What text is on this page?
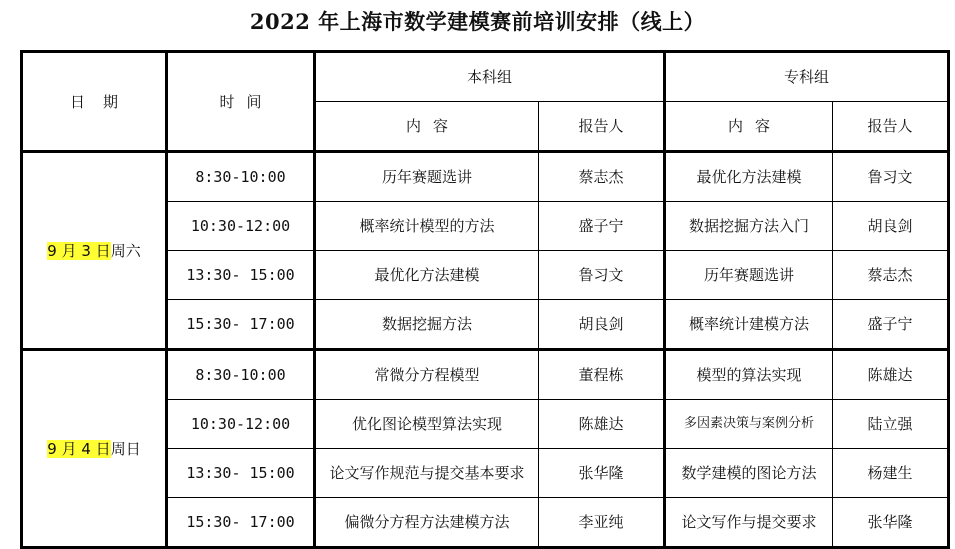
2022 年上海市数学建模赛前培训安排（线上）
日期	时间	本科组		专科组	
		内容	报告人	内容	报告人
9 月 3 日周六	8:30-10:00	历年赛题选讲	蔡志杰	最优化方法建模	鲁习文
	10:30-12:00	概率统计模型的方法	盛子宁	数据挖掘方法入门	胡良剑
	13:30- 15:00	最优化方法建模	鲁习文	历年赛题选讲	蔡志杰
	15:30- 17:00	数据挖掘方法	胡良剑	概率统计建模方法	盛子宁
9 月 4 日周日	8:30-10:00	常微分方程模型	董程栋	模型的算法实现	陈雄达
	10:30-12:00	优化图论模型算法实现	陈雄达	多因素决策与案例分析	陆立强
	13:30- 15:00	论文写作规范与提交基本要求	张华隆	数学建模的图论方法	杨建生
	15:30- 17:00	偏微分方程方法建模方法	李亚纯	论文写作与提交要求	张华隆
